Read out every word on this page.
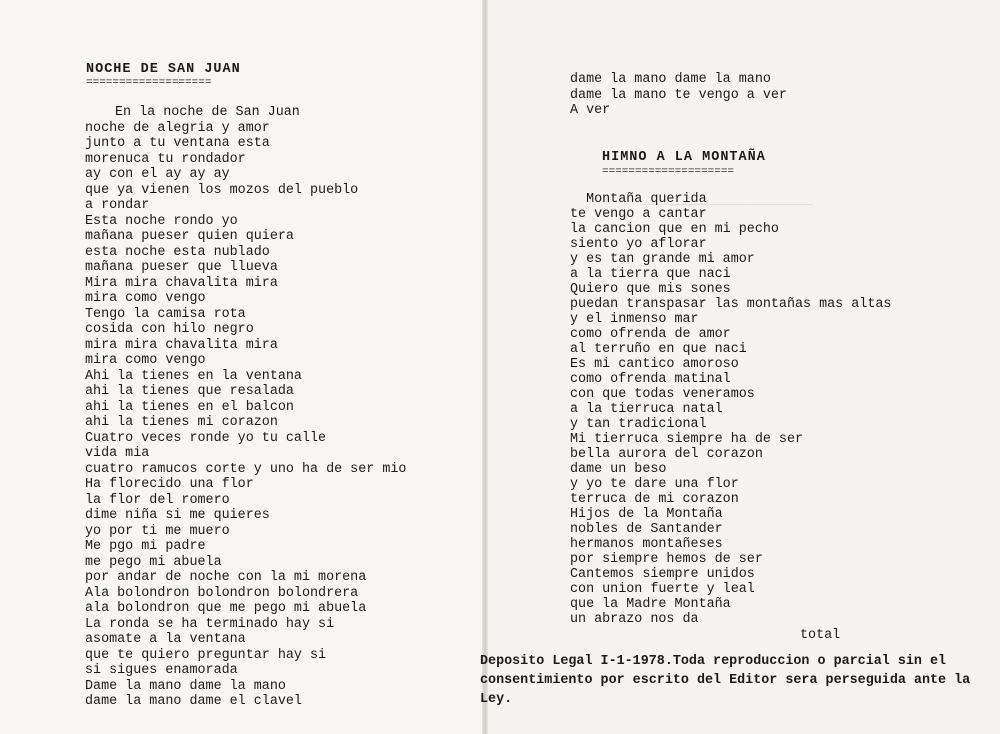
────────────────────────
NOCHE DE SAN JUAN
===================
En la noche de San Juan
noche de alegria y amor
junto a tu ventana esta
morenuca tu rondador
ay con el ay ay ay
que ya vienen los mozos del pueblo
a rondar
Esta noche rondo yo
mañana pueser quien quiera
esta noche esta nublado
mañana pueser que llueva
Mira mira chavalita mira
mira como vengo
Tengo la camisa rota
cosida con hilo negro
mira mira chavalita mira
mira como vengo
Ahi la tienes en la ventana
ahi la tienes que resalada
ahi la tienes en el balcon
ahi la tienes mi corazon
Cuatro veces ronde yo tu calle
vida mia
cuatro ramucos corte y uno ha de ser mio
Ha florecido una flor
la flor del romero
dime niña si me quieres
yo por ti me muero
Me pgo mi padre
me pego mi abuela
por andar de noche con la mi morena
Ala bolondron bolondron bolondrera
ala bolondron que me pego mi abuela
La ronda se ha terminado hay si
asomate a la ventana
que te quiero preguntar hay si
si sigues enamorada
Dame la mano dame la mano
dame la mano dame el clavel
dame la mano dame la mano
dame la mano te vengo a ver
A ver
HIMNO A LA MONTAÑA
====================
Montaña querida
te vengo a cantar
la cancion que en mi pecho
siento yo aflorar
y es tan grande mi amor
a la tierra que naci
Quiero que mis sones
puedan transpasar las montañas mas altas
y el inmenso mar
como ofrenda de amor
al terruño en que naci
Es mi cantico amoroso
como ofrenda matinal
con que todas veneramos
a la tierruca natal
y tan tradicional
Mi tierruca siempre ha de ser
bella aurora del corazon
dame un beso
y yo te dare una flor
terruca de mi corazon
Hijos de la Montaña
nobles de Santander
hermanos montañeses
por siempre hemos de ser
Cantemos siempre unidos
con union fuerte y leal
que la Madre Montaña
un abrazo nos da
total

Deposito Legal I-1-1978.Toda reproduccion o parcial sin el consentimiento por escrito del Editor sera perseguida ante la Ley.
